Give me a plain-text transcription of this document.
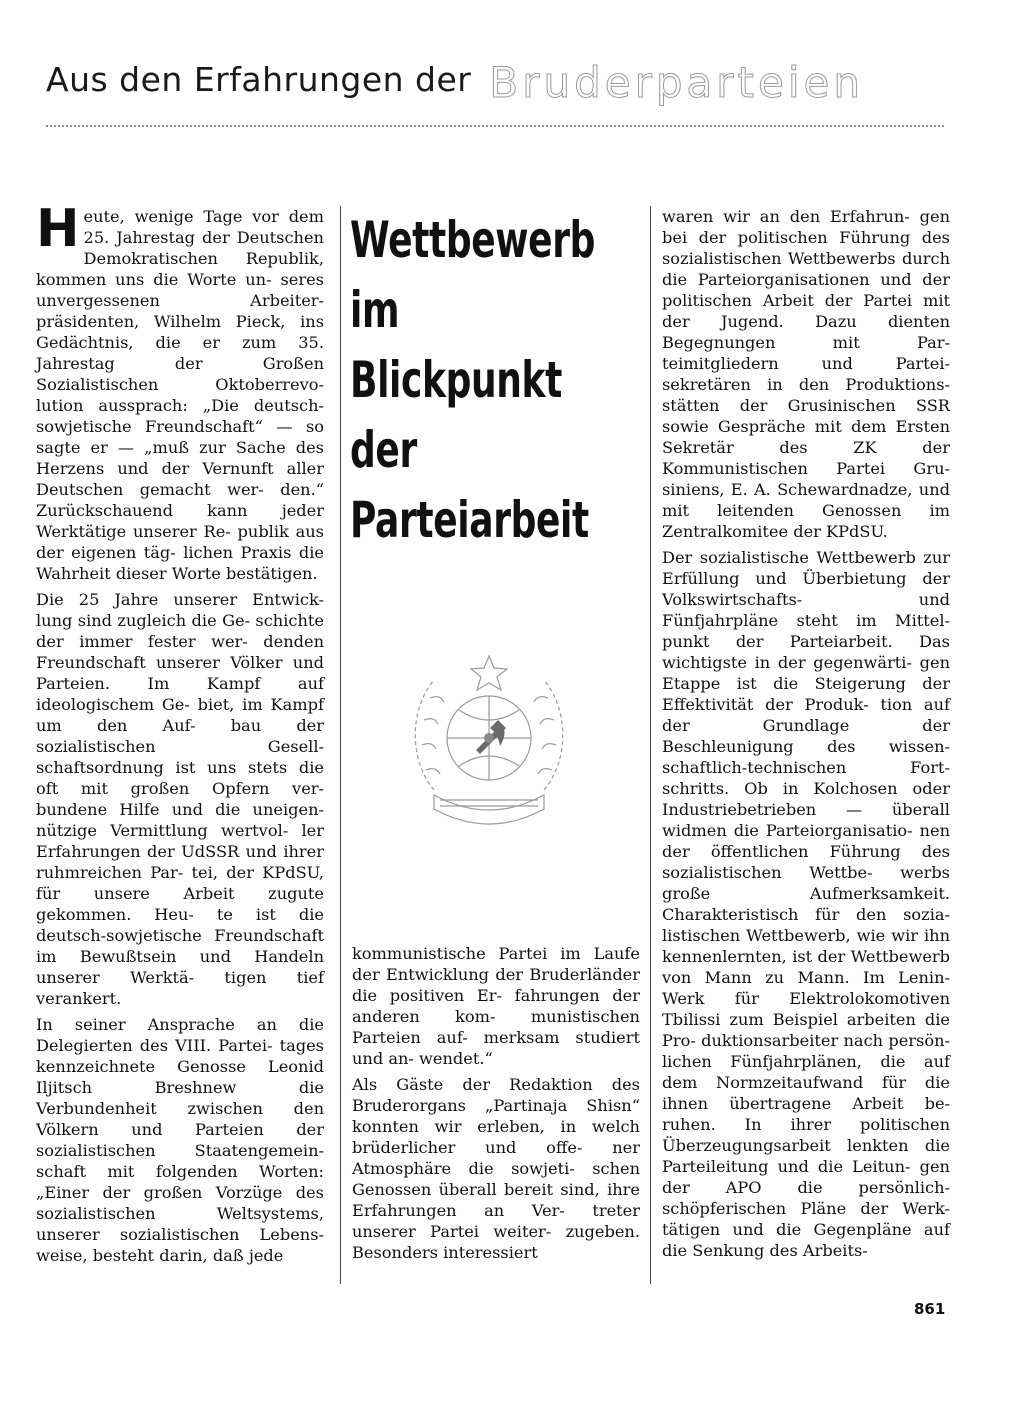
Aus den Erfahrungen der Bruderparteien

Heute, wenige Tage vor dem 25. Jahrestag der Deutschen Demokratischen Republik, kommen uns die Worte un- seres unvergessenen Arbeiter- präsidenten, Wilhelm Pieck, ins Gedächtnis, die er zum 35. Jahrestag der Großen Sozialistischen Oktoberrevo- lution aussprach: „Die deutsch- sowjetische Freundschaft“ — so sagte er — „muß zur Sache des Herzens und der Vernunft aller Deutschen gemacht wer- den.“ Zurückschauend kann jeder Werktätige unserer Re- publik aus der eigenen täg- lichen Praxis die Wahrheit dieser Worte bestätigen.

Die 25 Jahre unserer Entwick- lung sind zugleich die Ge- schichte der immer fester wer- denden Freundschaft unserer Völker und Parteien. Im Kampf auf ideologischem Ge- biet, im Kampf um den Auf- bau der sozialistischen Gesell- schaftsordnung ist uns stets die oft mit großen Opfern ver- bundene Hilfe und die uneigen- nützige Vermittlung wertvol- ler Erfahrungen der UdSSR und ihrer ruhmreichen Par- tei, der KPdSU, für unsere Arbeit zugute gekommen. Heu- te ist die deutsch-sowjetische Freundschaft im Bewußtsein und Handeln unserer Werktä- tigen tief verankert.

In seiner Ansprache an die Delegierten des VIII. Partei- tages kennzeichnete Genosse Leonid Iljitsch Breshnew die Verbundenheit zwischen den Völkern und Parteien der sozialistischen Staatengemein- schaft mit folgenden Worten: „Einer der großen Vorzüge des sozialistischen Weltsystems, unserer sozialistischen Lebens- weise, besteht darin, daß jede

Wettbewerb
im
Blickpunkt
der
Parteiarbeit

kommunistische Partei im Laufe der Entwicklung der Bruderländer die positiven Er- fahrungen der anderen kom- munistischen Parteien auf- merksam studiert und an- wendet.“

Als Gäste der Redaktion des Bruderorgans „Partinaja Shisn“ konnten wir erleben, in welch brüderlicher und offe- ner Atmosphäre die sowjeti- schen Genossen überall bereit sind, ihre Erfahrungen an Ver- treter unserer Partei weiter- zugeben. Besonders interessiert

waren wir an den Erfahrun- gen bei der politischen Führung des sozialistischen Wettbewerbs durch die Parteiorganisationen und der politischen Arbeit der Partei mit der Jugend. Dazu dienten Begegnungen mit Par- teimitgliedern und Partei- sekretären in den Produktions- stätten der Grusinischen SSR sowie Gespräche mit dem Ersten Sekretär des ZK der Kommunistischen Partei Gru- siniens, E. A. Schewardnadze, und mit leitenden Genossen im Zentralkomitee der KPdSU.

Der sozialistische Wettbewerb zur Erfüllung und Überbietung der Volkswirtschafts- und Fünfjahrpläne steht im Mittel- punkt der Parteiarbeit. Das wichtigste in der gegenwärti- gen Etappe ist die Steigerung der Effektivität der Produk- tion auf der Grundlage der Beschleunigung des wissen- schaftlich-technischen Fort- schritts. Ob in Kolchosen oder Industriebetrieben — überall widmen die Parteiorganisatio- nen der öffentlichen Führung des sozialistischen Wettbe- werbs große Aufmerksamkeit. Charakteristisch für den sozia- listischen Wettbewerb, wie wir ihn kennenlernten, ist der Wettbewerb von Mann zu Mann. Im Lenin-Werk für Elektrolokomotiven Tbilissi zum Beispiel arbeiten die Pro- duktionsarbeiter nach persön- lichen Fünfjahrplänen, die auf dem Normzeitaufwand für die ihnen übertragene Arbeit be- ruhen. In ihrer politischen Überzeugungsarbeit lenkten die Parteileitung und die Leitun- gen der APO die persönlich- schöpferischen Pläne der Werk- tätigen und die Gegenpläne auf die Senkung des Arbeits-

861
